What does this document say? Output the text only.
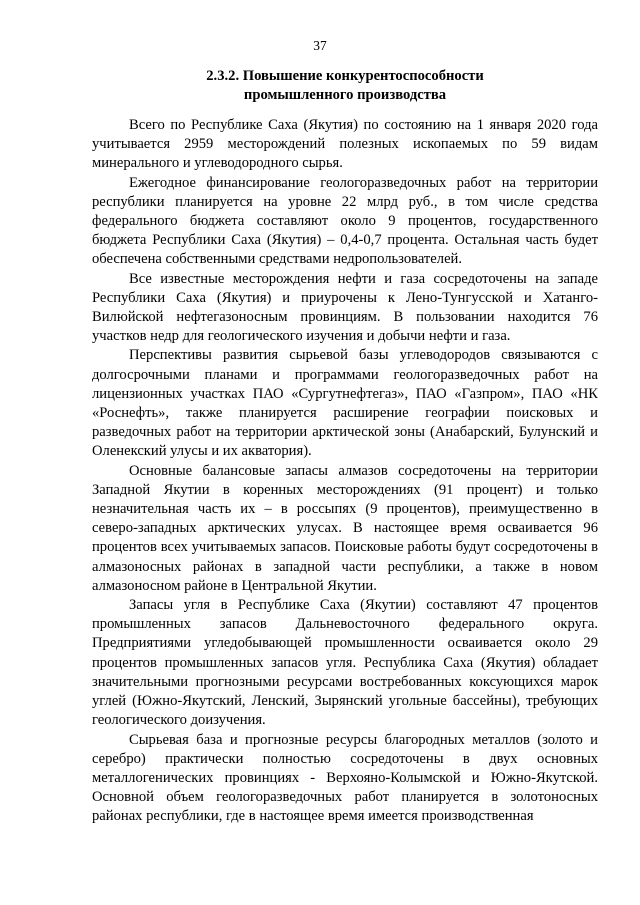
37
2.3.2. Повышение конкурентоспособности
промышленного производства

Всего по Республике Саха (Якутия) по состоянию на 1 января 2020 года учитывается 2959 месторождений полезных ископаемых по 59 видам минерального и углеводородного сырья.

Ежегодное финансирование геологоразведочных работ на территории республики планируется на уровне 22 млрд руб., в том числе средства федерального бюджета составляют около 9 процентов, государственного бюджета Республики Саха (Якутия) – 0,4-0,7 процента. Остальная часть будет обеспечена собственными средствами недропользователей.

Все известные месторождения нефти и газа сосредоточены на западе Республики Саха (Якутия) и приурочены к Лено-Тунгусской и Хатанго-Вилюйской нефтегазоносным провинциям. В пользовании находится 76 участков недр для геологического изучения и добычи нефти и газа.

Перспективы развития сырьевой базы углеводородов связываются с долгосрочными планами и программами геологоразведочных работ на лицензионных участках ПАО «Сургутнефтегаз», ПАО «Газпром», ПАО «НК «Роснефть», также планируется расширение географии поисковых и разведочных работ на территории арктической зоны (Анабарский, Булунский и Оленекский улусы и их акватория).

Основные балансовые запасы алмазов сосредоточены на территории Западной Якутии в коренных месторождениях (91 процент) и только незначительная часть их – в россыпях (9 процентов), преимущественно в северо-западных арктических улусах. В настоящее время осваивается 96 процентов всех учитываемых запасов. Поисковые работы будут сосредоточены в алмазоносных районах в западной части республики, а также в новом алмазоносном районе в Центральной Якутии.

Запасы угля в Республике Саха (Якутии) составляют 47 процентов промышленных запасов Дальневосточного федерального округа. Предприятиями угледобывающей промышленности осваивается около 29 процентов промышленных запасов угля. Республика Саха (Якутия) обладает значительными прогнозными ресурсами востребованных коксующихся марок углей (Южно-Якутский, Ленский, Зырянский угольные бассейны), требующих геологического доизучения.

Сырьевая база и прогнозные ресурсы благородных металлов (золото и серебро) практически полностью сосредоточены в двух основных металлогенических провинциях - Верхояно-Колымской и Южно-Якутской. Основной объем геологоразведочных работ планируется в золотоносных районах республики, где в настоящее время имеется производственная
